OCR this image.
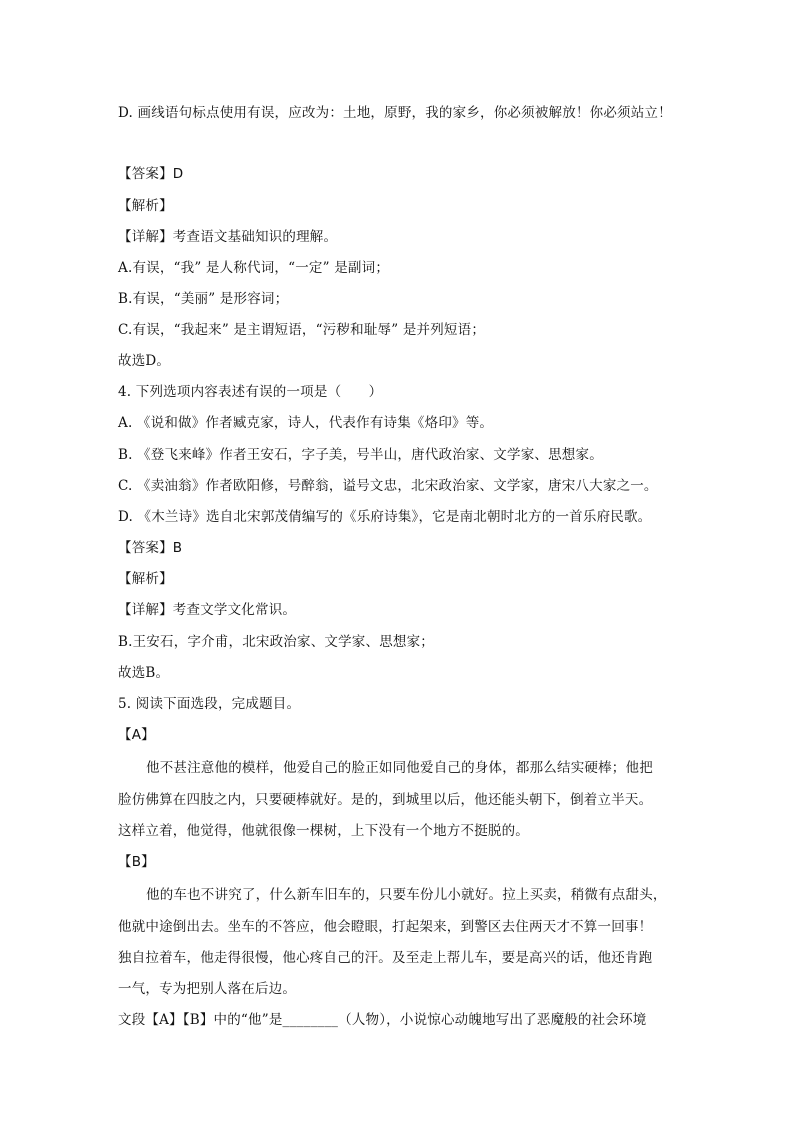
D. 画线语句标点使用有误，应改为：土地，原野，我的家乡，你必须被解放！你必须站立！
【答案】D
【解析】
【详解】考查语文基础知识的理解。
A.有误，“我” 是人称代词，“一定” 是副词；
B.有误，“美丽” 是形容词；
C.有误，“我起来” 是主谓短语，“污秽和耻辱” 是并列短语；
故选D。
4. 下列选项内容表述有误的一项是（　　）
A. 《说和做》作者臧克家，诗人，代表作有诗集《烙印》等。
B. 《登飞来峰》作者王安石，字子美，号半山，唐代政治家、文学家、思想家。
C. 《卖油翁》作者欧阳修，号醉翁，谥号文忠，北宋政治家、文学家，唐宋八大家之一。
D. 《木兰诗》选自北宋郭茂倩编写的《乐府诗集》，它是南北朝时北方的一首乐府民歌。
【答案】B
【解析】
【详解】考查文学文化常识。
B.王安石，字介甫，北宋政治家、文学家、思想家；
故选B。
5. 阅读下面选段，完成题目。
【A】
他不甚注意他的模样，他爱自己的脸正如同他爱自己的身体，都那么结实硬棒；他把
脸仿佛算在四肢之内，只要硬棒就好。是的，到城里以后，他还能头朝下，倒着立半天。
这样立着，他觉得，他就很像一棵树，上下没有一个地方不挺脱的。
【B】
他的车也不讲究了，什么新车旧车的，只要车份儿小就好。拉上买卖，稍微有点甜头，
他就中途倒出去。坐车的不答应，他会瞪眼，打起架来，到警区去住两天才不算一回事！
独自拉着车，他走得很慢，他心疼自己的汗。及至走上帮儿车，要是高兴的话，他还肯跑
一气，专为把别人落在后边。
文段【A】【B】中的“他”是________（人物），小说惊心动魄地写出了恶魔般的社会环境
